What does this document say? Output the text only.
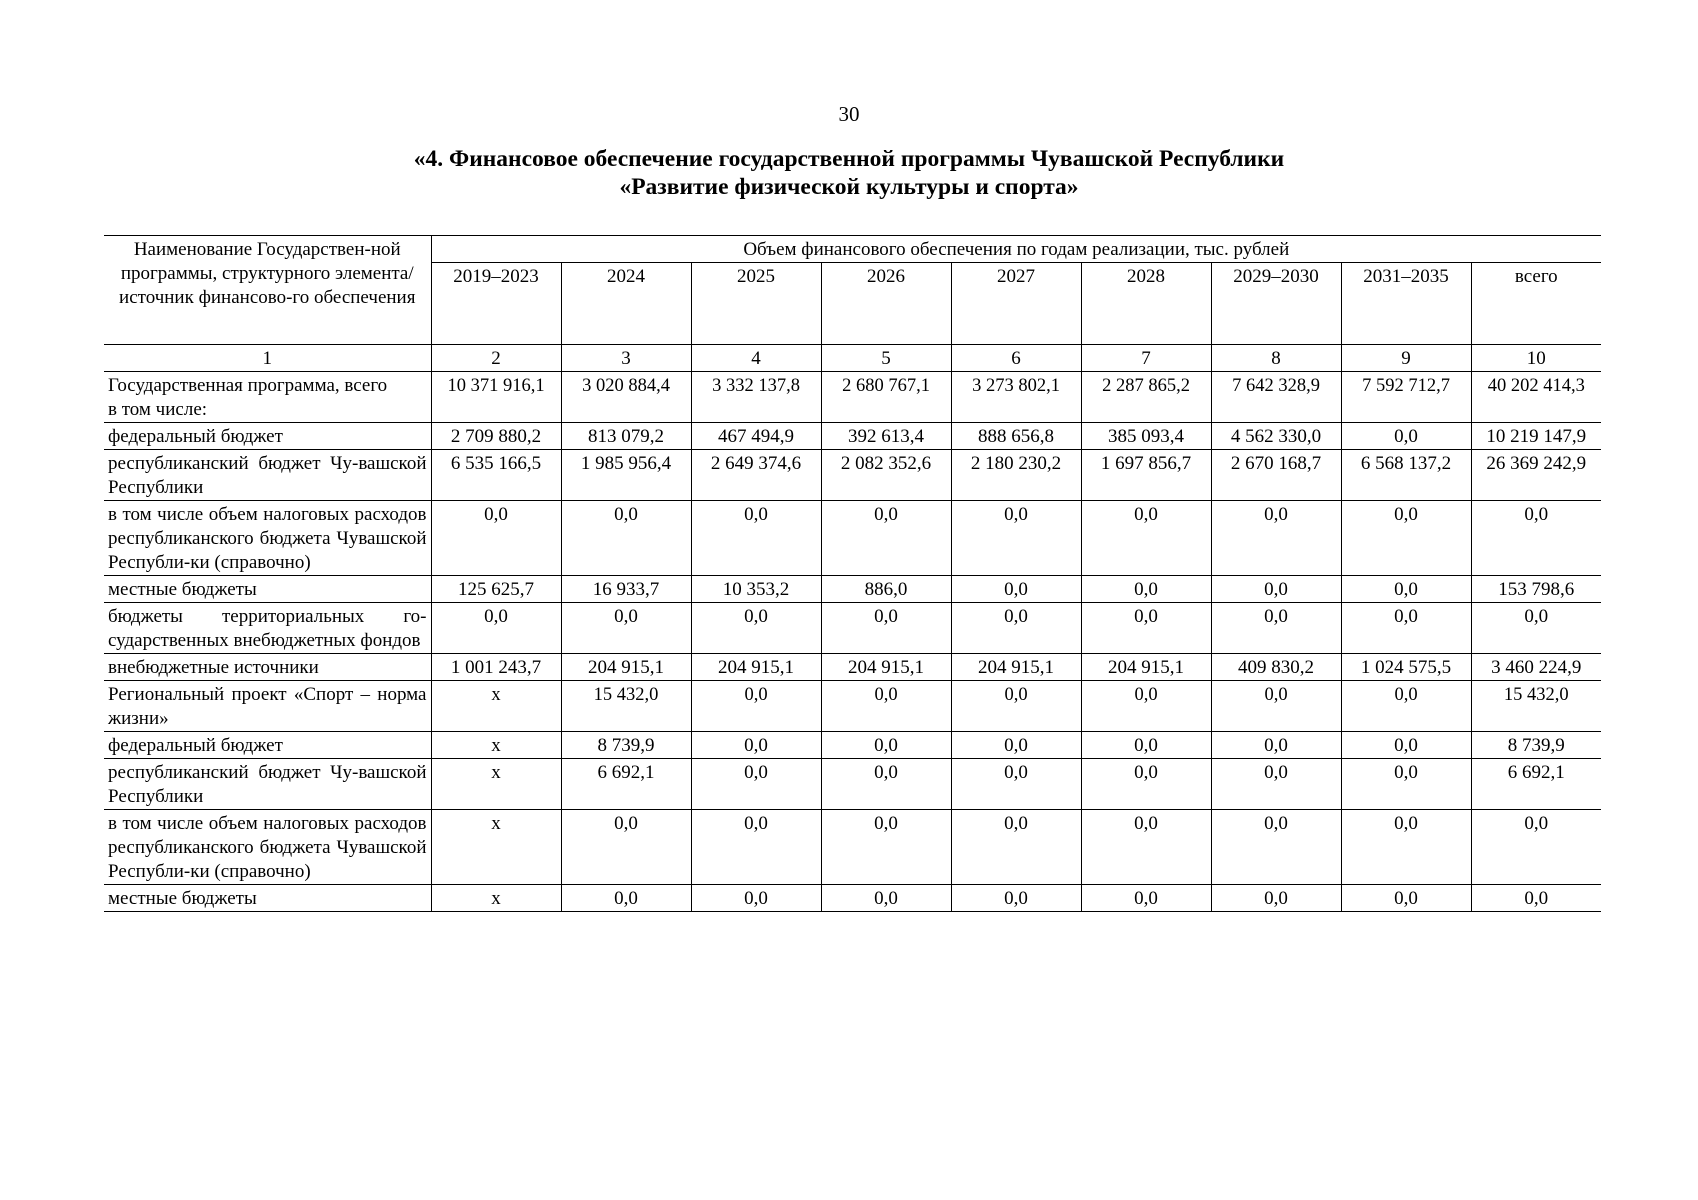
30
«4. Финансовое обеспечение государственной программы Чувашской Республики
«Развитие физической культуры и спорта»
Наименование Государствен-ной программы, структурного элемента/источник финансово-го обеспечения	Объем финансового обеспечения по годам реализации, тыс. рублей								
	2019–2023	2024	2025	2026	2027	2028	2029–2030	2031–2035	всего
1	2	3	4	5	6	7	8	9	10
Государственная программа, всего
в том числе:	10 371 916,1	3 020 884,4	3 332 137,8	2 680 767,1	3 273 802,1	2 287 865,2	7 642 328,9	7 592 712,7	40 202 414,3
федеральный бюджет	2 709 880,2	813 079,2	467 494,9	392 613,4	888 656,8	385 093,4	4 562 330,0	0,0	10 219 147,9
республиканский бюджет Чу-вашской Республики	6 535 166,5	1 985 956,4	2 649 374,6	2 082 352,6	2 180 230,2	1 697 856,7	2 670 168,7	6 568 137,2	26 369 242,9
в том числе объем налоговых расходов республиканского бюджета Чувашской Республи-ки (справочно)	0,0	0,0	0,0	0,0	0,0	0,0	0,0	0,0	0,0
местные бюджеты	125 625,7	16 933,7	10 353,2	886,0	0,0	0,0	0,0	0,0	153 798,6
бюджеты территориальных го-сударственных внебюджетных фондов	0,0	0,0	0,0	0,0	0,0	0,0	0,0	0,0	0,0
внебюджетные источники	1 001 243,7	204 915,1	204 915,1	204 915,1	204 915,1	204 915,1	409 830,2	1 024 575,5	3 460 224,9
Региональный проект «Спорт – норма жизни»	x	15 432,0	0,0	0,0	0,0	0,0	0,0	0,0	15 432,0
федеральный бюджет	x	8 739,9	0,0	0,0	0,0	0,0	0,0	0,0	8 739,9
республиканский бюджет Чу-вашской Республики	x	6 692,1	0,0	0,0	0,0	0,0	0,0	0,0	6 692,1
в том числе объем налоговых расходов республиканского бюджета Чувашской Республи-ки (справочно)	x	0,0	0,0	0,0	0,0	0,0	0,0	0,0	0,0
местные бюджеты	x	0,0	0,0	0,0	0,0	0,0	0,0	0,0	0,0
